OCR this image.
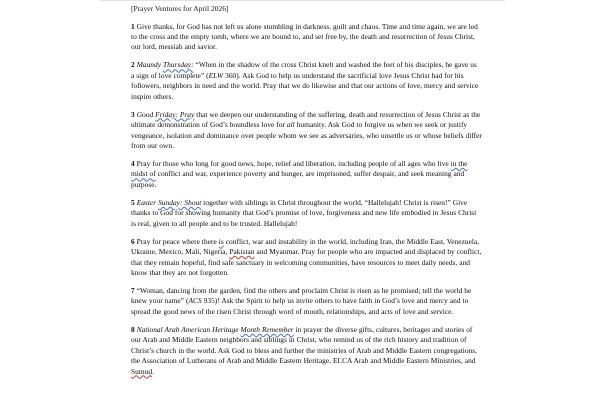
[Prayer Ventures for April 2026]

1 Give thanks, for God has not left us alone stumbling in darkness, guilt and chaos. Time and time again, we are led to the cross and the empty tomb, where we are bound to, and set free by, the death and resurrection of Jesus Christ, our lord, messiah and savior.

2 Maundy Thursday: “When in the shadow of the cross Christ knelt and washed the feet of his disciples, he gave us a sign of love complete” (ELW 360). Ask God to help us understand the sacrificial love Jesus Christ had for his followers, neighbors in need and the world. Pray that we do likewise and that our actions of love, mercy and service inspire others.

3 Good Friday: Pray that we deepen our understanding of the suffering, death and resurrection of Jesus Christ as the ultimate demonstration of God’s boundless love for all humanity. Ask God to forgive us when we seek or justify vengeance, isolation and dominance over people whom we see as adversaries, who unsettle us or whose beliefs differ from our own.

4 Pray for those who long for good news, hope, relief and liberation, including people of all ages who live in the midst of conflict and war, experience poverty and hunger, are imprisoned, suffer despair, and seek meaning and purpose.

5 Easter Sunday: Shout together with siblings in Christ throughout the world, “Hallelujah! Christ is risen!” Give thanks to God for showing humanity that God’s promise of love, forgiveness and new life embodied in Jesus Christ is real, given to all people and to be trusted. Hallelujah!

6 Pray for peace where there is conflict, war and instability in the world, including Iran, the Middle East, Venezuela, Ukraine, Mexico, Mali, Nigeria, Pakistan and Myanmar. Pray for people who are impacted and displaced by conflict, that they remain hopeful, find safe sanctuary in welcoming communities, have resources to meet daily needs, and know that they are not forgotten.

7 “Woman, dancing from the garden, find the others and proclaim Christ is risen as he promised; tell the world he knew your name” (ACS 935)! Ask the Spirit to help us invite others to have faith in God’s love and mercy and to spread the good news of the risen Christ through word of mouth, relationships, and acts of love and service.

8 National Arab American Heritage Month Remember in prayer the diverse gifts, cultures, heritages and stories of our Arab and Middle Eastern neighbors and siblings in Christ, who remind us of the rich history and tradition of Christ’s church in the world. Ask God to bless and further the ministries of Arab and Middle Eastern congregations, the Association of Lutherans of Arab and Middle Eastern Heritage, ELCA Arab and Middle Eastern Ministries, and Sumud.
